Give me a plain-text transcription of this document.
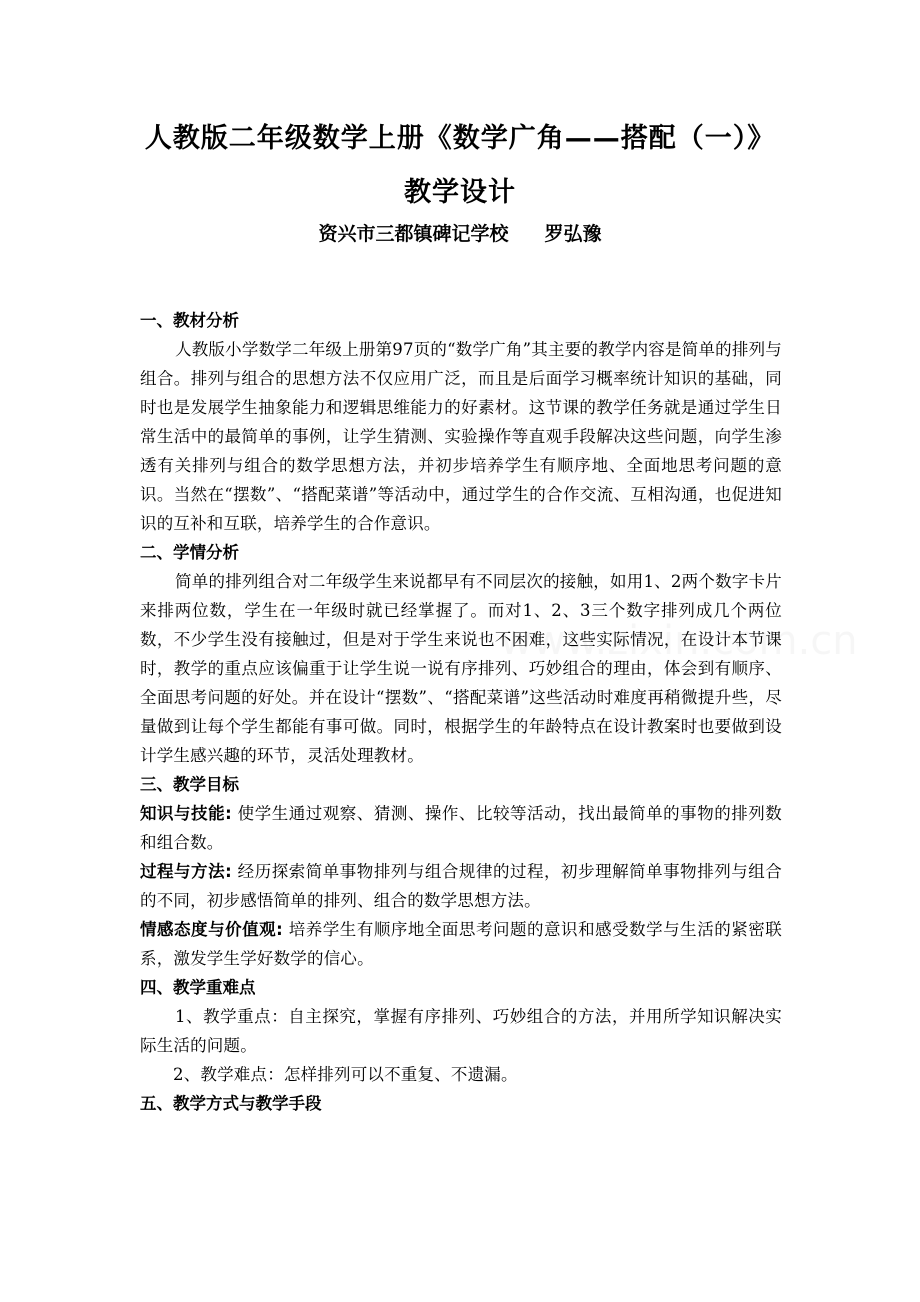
人教版二年级数学上册《数学广角——搭配（一）》
教学设计
资兴市三都镇碑记学校 罗弘豫
一、教材分析
人教版小学数学二年级上册第97页的“数学广角”其主要的教学内容是简单的排列与组合。排列与组合的思想方法不仅应用广泛，而且是后面学习概率统计知识的基础，同时也是发展学生抽象能力和逻辑思维能力的好素材。这节课的教学任务就是通过学生日常生活中的最简单的事例，让学生猜测、实验操作等直观手段解决这些问题，向学生渗透有关排列与组合的数学思想方法，并初步培养学生有顺序地、全面地思考问题的意识。当然在“摆数”、“搭配菜谱”等活动中，通过学生的合作交流、互相沟通，也促进知识的互补和互联，培养学生的合作意识。
二、学情分析
简单的排列组合对二年级学生来说都早有不同层次的接触，如用1、2两个数字卡片来排两位数，学生在一年级时就已经掌握了。而对1、2、3三个数字排列成几个两位数，不少学生没有接触过，但是对于学生来说也不困难，这些实际情况，在设计本节课时，教学的重点应该偏重于让学生说一说有序排列、巧妙组合的理由，体会到有顺序、全面思考问题的好处。并在设计“摆数”、“搭配菜谱”这些活动时难度再稍微提升些，尽量做到让每个学生都能有事可做。同时，根据学生的年龄特点在设计教案时也要做到设计学生感兴趣的环节，灵活处理教材。
三、教学目标
知识与技能: 使学生通过观察、猜测、操作、比较等活动，找出最简单的事物的排列数和组合数。
过程与方法: 经历探索简单事物排列与组合规律的过程，初步理解简单事物排列与组合的不同，初步感悟简单的排列、组合的数学思想方法。
情感态度与价值观: 培养学生有顺序地全面思考问题的意识和感受数学与生活的紧密联系，激发学生学好数学的信心。
四、教学重难点
1、教学重点：自主探究，掌握有序排列、巧妙组合的方法，并用所学知识解决实际生活的问题。
2、教学难点：怎样排列可以不重复、不遗漏。
五、教学方式与教学手段
